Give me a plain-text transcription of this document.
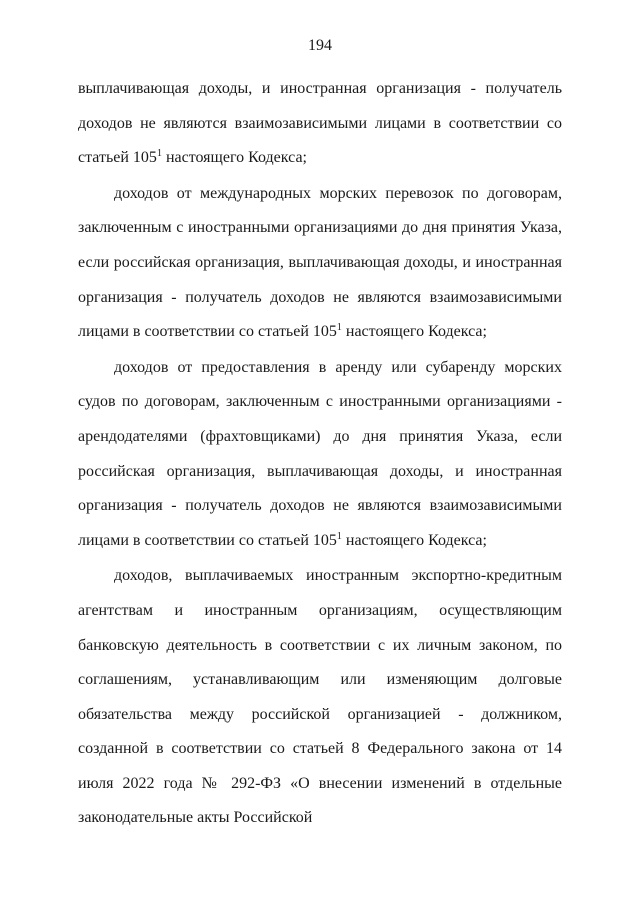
194

выплачивающая доходы, и иностранная организация - получатель доходов не являются взаимозависимыми лицами в соответствии со статьей $105^1$ настоящего Кодекса;

доходов от международных морских перевозок по договорам, заключенным с иностранными организациями до дня принятия Указа, если российская организация, выплачивающая доходы, и иностранная организация - получатель доходов не являются взаимозависимыми лицами в соответствии со статьей $105^1$ настоящего Кодекса;

доходов от предоставления в аренду или субаренду морских судов по договорам, заключенным с иностранными организациями - арендодателями (фрахтовщиками) до дня принятия Указа, если российская организация, выплачивающая доходы, и иностранная организация - получатель доходов не являются взаимозависимыми лицами в соответствии со статьей $105^1$ настоящего Кодекса;

доходов, выплачиваемых иностранным экспортно-кредитным агентствам и иностранным организациям, осуществляющим банковскую деятельность в соответствии с их личным законом, по соглашениям, устанавливающим или изменяющим долговые обязательства между российской организацией - должником, созданной в соответствии со статьей 8 Федерального закона от 14 июля 2022 года № 292-ФЗ «О внесении изменений в отдельные законодательные акты Российской
